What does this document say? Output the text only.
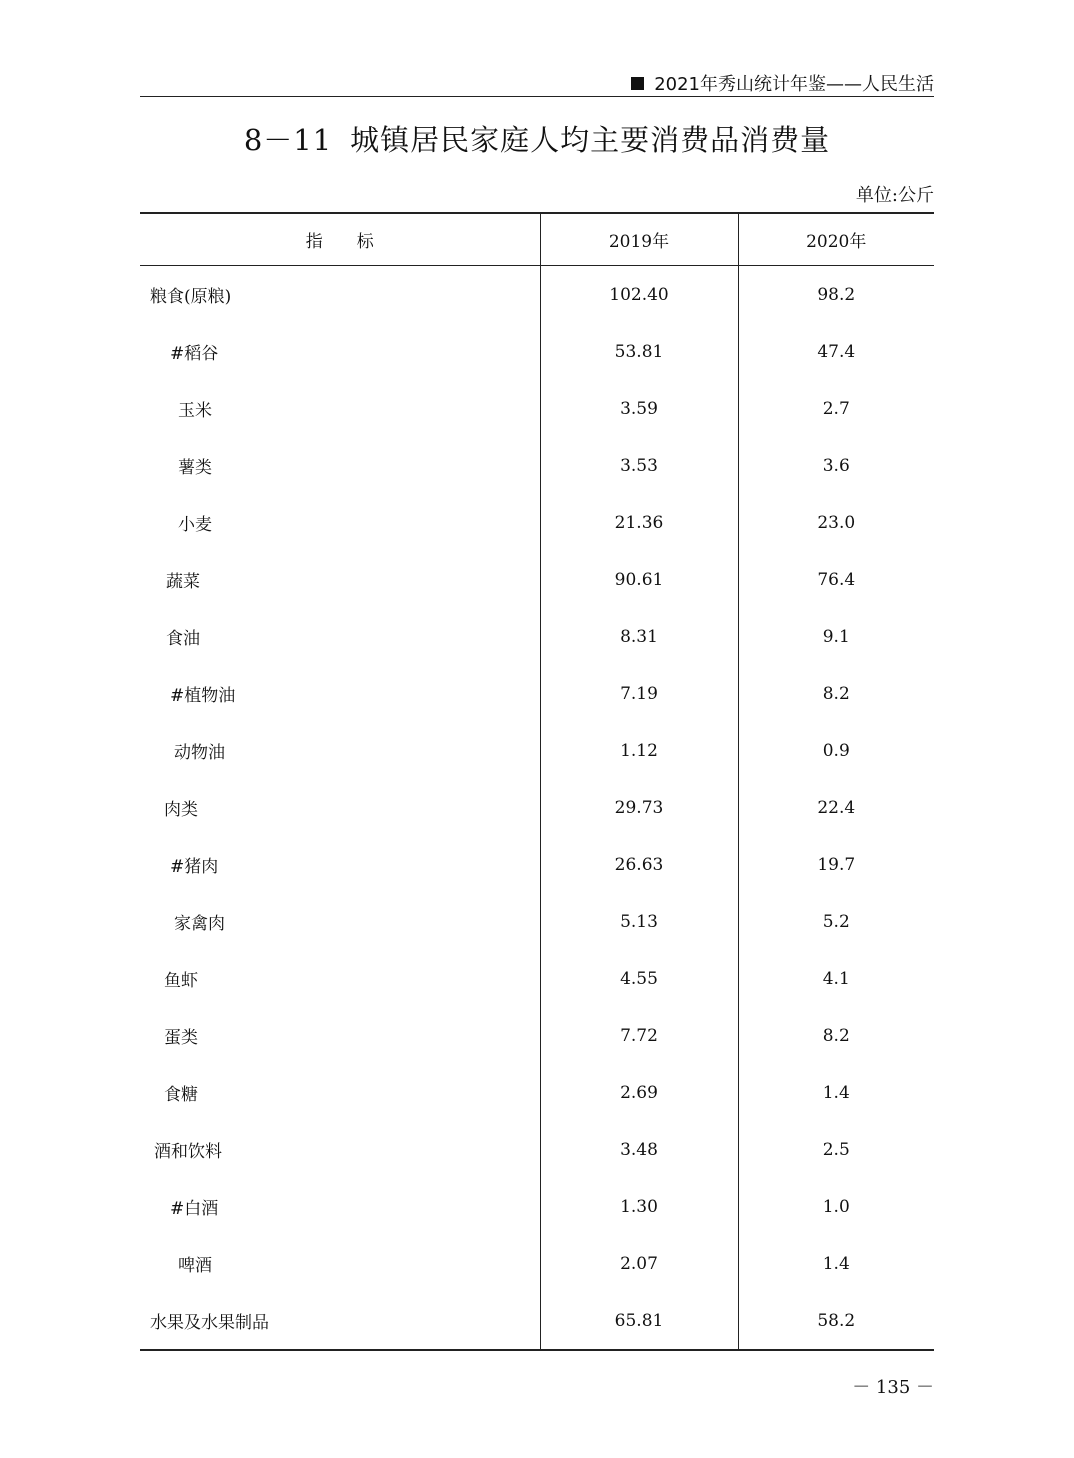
2021年秀山统计年鉴——人民生活
8－11 城镇居民家庭人均主要消费品消费量
单位:公斤
指　　标	2019年	2020年
粮食(原粮)	102.40	98.2
#稻谷	53.81	47.4
玉米	3.59	2.7
薯类	3.53	3.6
小麦	21.36	23.0
蔬菜	90.61	76.4
食油	8.31	9.1
#植物油	7.19	8.2
动物油	1.12	0.9
肉类	29.73	22.4
#猪肉	26.63	19.7
家禽肉	5.13	5.2
鱼虾	4.55	4.1
蛋类	7.72	8.2
食糖	2.69	1.4
酒和饮料	3.48	2.5
#白酒	1.30	1.0
啤酒	2.07	1.4
水果及水果制品	65.81	58.2
－ 135 －
